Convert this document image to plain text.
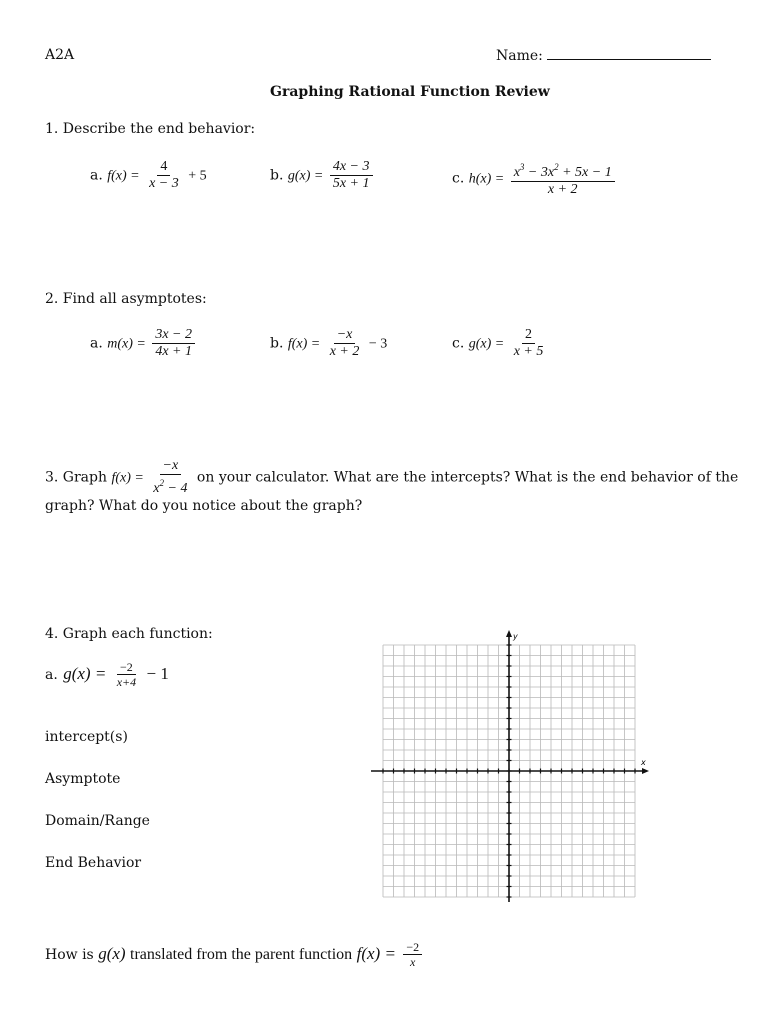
A2A	Name:
Graphing Rational Function Review
1. Describe the end behavior:
a. $f(x) = \frac{4}{x - 3} + 5$	b. $g(x) = \frac{4x - 3}{5x + 1}$	c. $h(x) = \frac{x^3 - 3x^2 + 5x - 1}{x + 2}$
2. Find all asymptotes:
a. $m(x) = \frac{3x - 2}{4x + 1}$	b. $f(x) = \frac{-x}{x + 2} - 3$	c. $g(x) = \frac{2}{x + 5}$
3. Graph $f(x) = \frac{-x}{x^2 - 4}$ on your calculator. What are the intercepts? What is the end behavior of the
graph? What do you notice about the graph?
4. Graph each function:
a. $g(x) = \frac{-2}{x+4} - 1$
intercept(s)
Asymptote
Domain/Range
End Behavior
x
y
How is g(x) translated from the parent function $f(x) = \frac{-2}{x}$
